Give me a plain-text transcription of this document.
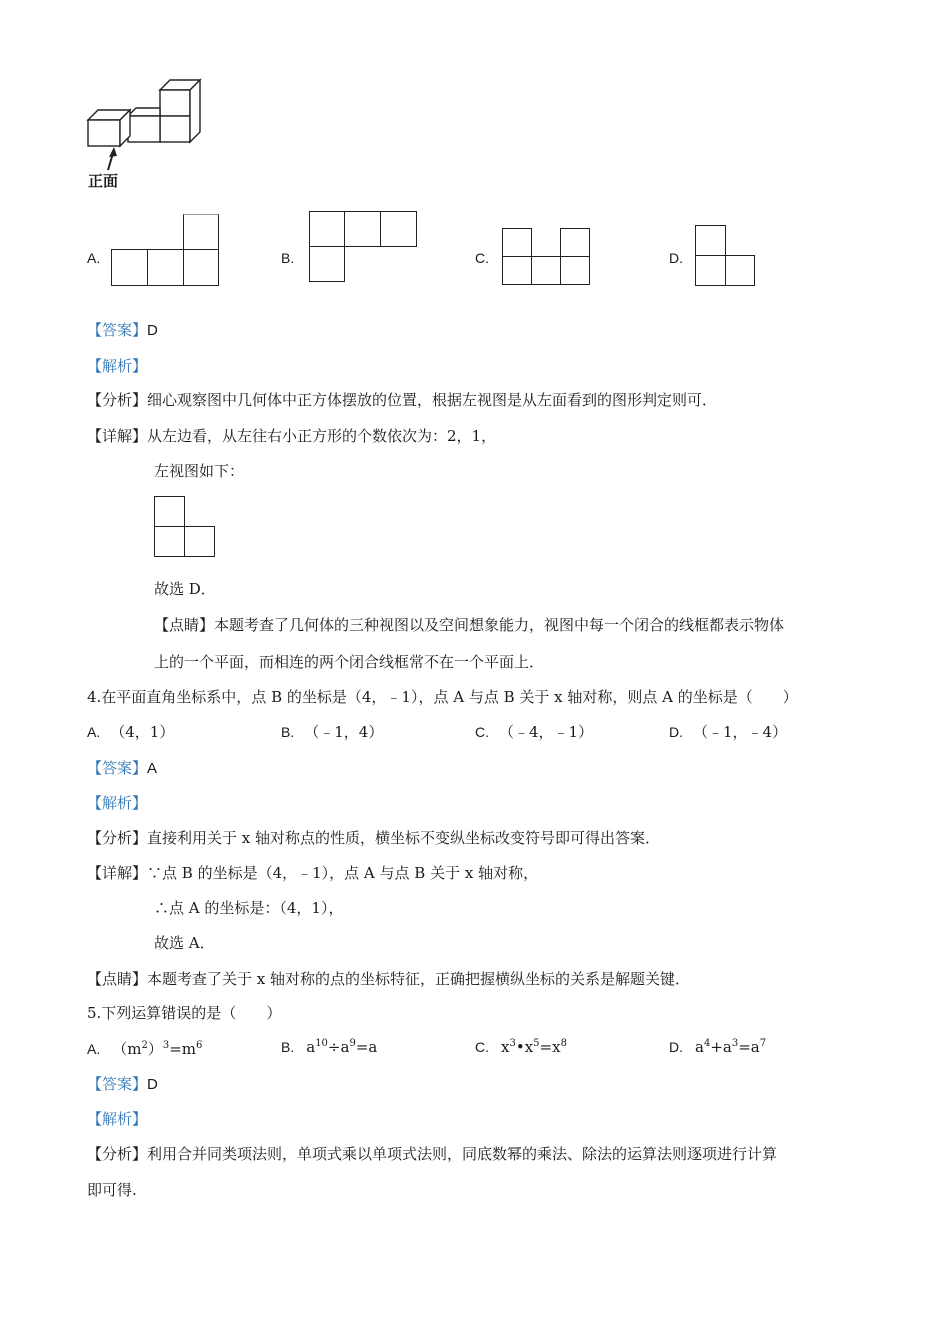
正面
A.	B.	C.	D.
【答案】D
【解析】
【分析】细心观察图中几何体中正方体摆放的位置，根据左视图是从左面看到的图形判定则可．
【详解】从左边看，从左往右小正方形的个数依次为：2，1，
左视图如下：
故选 D．
【点睛】本题考查了几何体的三种视图以及空间想象能力，视图中每一个闭合的线框都表示物体
上的一个平面，而相连的两个闭合线框常不在一个平面上．
4.在平面直角坐标系中，点 B 的坐标是（4，﹣1），点 A 与点 B 关于 x 轴对称，则点 A 的坐标是（　　）
A. （4，1）	B. （﹣1，4）	C. （﹣4，﹣1）	D. （﹣1，﹣4）
【答案】A
【解析】
【分析】直接利用关于 x 轴对称点的性质，横坐标不变纵坐标改变符号即可得出答案．
【详解】∵点 B 的坐标是（4，﹣1），点 A 与点 B 关于 x 轴对称，
∴点 A 的坐标是：（4，1），
故选 A．
【点睛】本题考查了关于 x 轴对称的点的坐标特征，正确把握横纵坐标的关系是解题关键．
5.下列运算错误的是（　　）
A. $(m^2)^3=m^6$	B. $a^{10}\div a^9=a$	C. $x^3•x^5=x^8$	D. $a^4+a^3=a^7$
【答案】D
【解析】
【分析】利用合并同类项法则，单项式乘以单项式法则，同底数幂的乘法、除法的运算法则逐项进行计算
即可得.
